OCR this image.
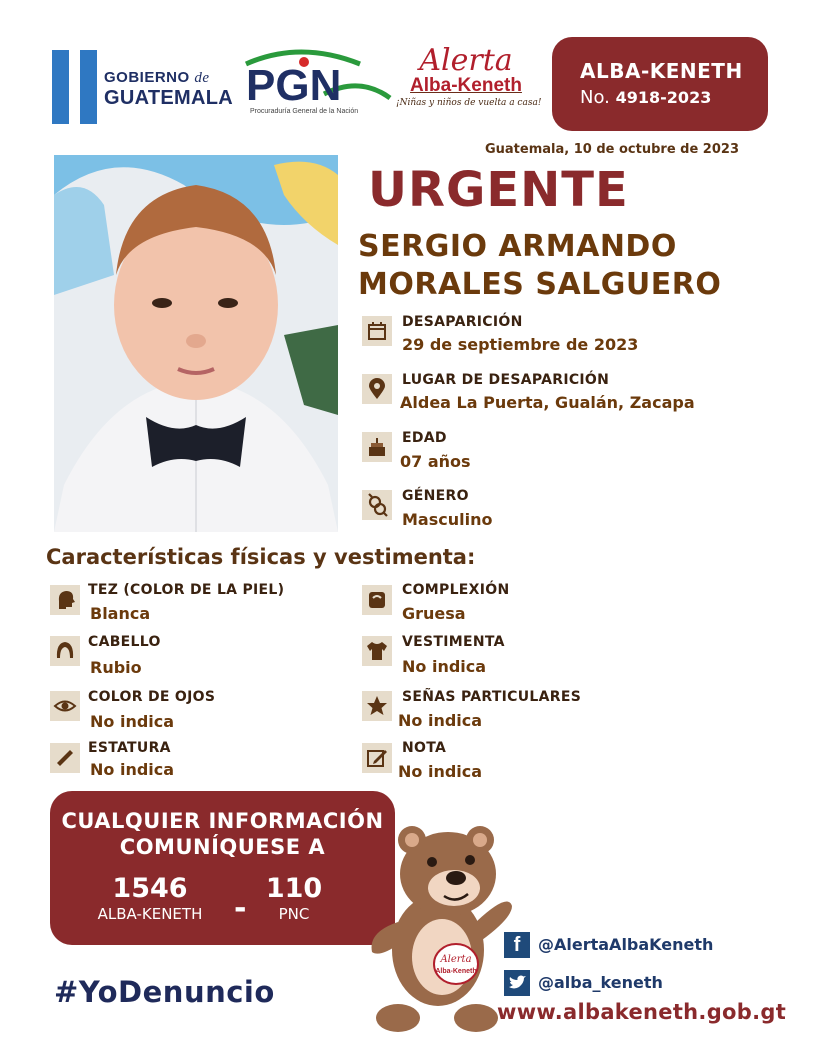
GOBIERNO de
GUATEMALA PGN
Procuraduría General de la Nación
Alerta
Alba-Keneth
¡Niñas y niños de vuelta a casa!
ALBA-KENETH
No. 4918-2023
Guatemala, 10 de octubre de 2023
URGENTE
SERGIO ARMANDO
MORALES SALGUERO
DESAPARICIÓN
29 de septiembre de 2023
LUGAR DE DESAPARICIÓN
Aldea La Puerta, Gualán, Zacapa
EDAD
07 años
GÉNERO
Masculino
Características físicas y vestimenta:
TEZ (COLOR DE LA PIEL)
Blanca
CABELLO
Rubio
COLOR DE OJOS
No indica
ESTATURA
No indica
COMPLEXIÓN
Gruesa
VESTIMENTA
No indica
SEÑAS PARTICULARES
No indica
NOTA
No indica
CUALQUIER INFORMACIÓN
COMUNÍQUESE A
1546
ALBA-KENETH	-
110
PNC
#YoDenuncio
Alerta
Alba-Keneth
f	@AlertaAlbaKeneth
@alba_keneth
www.albakeneth.gob.gt
